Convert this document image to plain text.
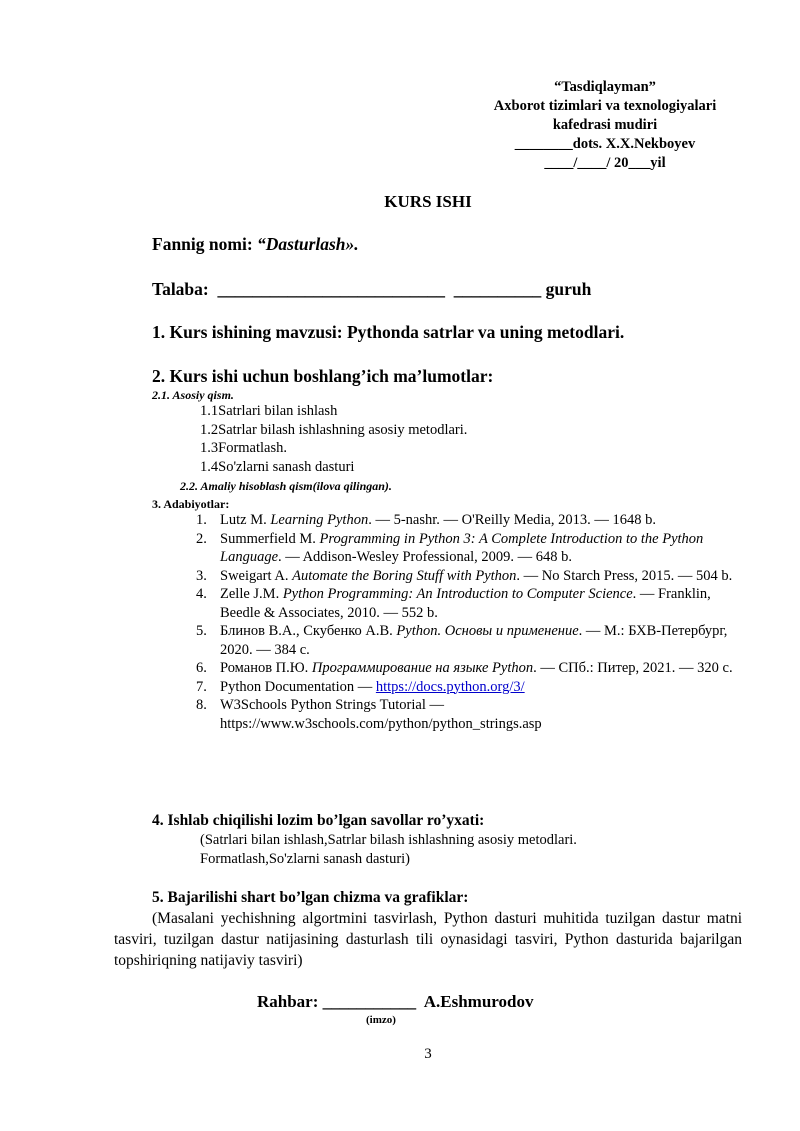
“Tasdiqlayman”
Axborot tizimlari va texnologiyalari
kafedrasi mudiri
________dots. X.X.Nekboyev
____/____/ 20___yil
KURS ISHI
Fannig nomi: “Dasturlash».
Talaba: __________________________ __________ guruh
1. Kurs ishining mavzusi: Pythonda satrlar va uning metodlari.
2. Kurs ishi uchun boshlang’ich ma’lumotlar:
2.1. Asosiy qism.
1.1Satrlari bilan ishlash
1.2Satrlar bilash ishlashning asosiy metodlari.
1.3Formatlash.
1.4So'zlarni sanash dasturi
2.2. Amaliy hisoblash qism(ilova qilingan).
3. Adabiyotlar:
1. Lutz M. Learning Python. — 5-nashr. — O'Reilly Media, 2013. — 1648 b.
2. Summerfield M. Programming in Python 3: A Complete Introduction to the Python Language. — Addison-Wesley Professional, 2009. — 648 b.
3. Sweigart A. Automate the Boring Stuff with Python. — No Starch Press, 2015. — 504 b.
4. Zelle J.M. Python Programming: An Introduction to Computer Science. — Franklin, Beedle & Associates, 2010. — 552 b.
5. Блинов В.А., Скубенко А.В. Python. Основы и применение. — М.: БХВ-Петербург, 2020. — 384 с.
6. Романов П.Ю. Программирование на языке Python. — СПб.: Питер, 2021. — 320 с.
7. Python Documentation — https://docs.python.org/3/
8. W3Schools Python Strings Tutorial — https://www.w3schools.com/python/python_strings.asp
4. Ishlab chiqilishi lozim bo’lgan savollar ro’yxati:
(Satrlari bilan ishlash,Satrlar bilash ishlashning asosiy metodlari.
Formatlash,So'zlarni sanash dasturi)
5. Bajarilishi shart bo’lgan chizma va grafiklar:
(Masalani yechishning algortmini tasvirlash, Python dasturi muhitida tuzilgan dastur matni tasviri, tuzilgan dastur natijasining dasturlash tili oynasidagi tasviri, Python dasturida bajarilgan topshiriqning natijaviy tasviri)
Rahbar: ___________ A.Eshmurodov
(imzo)
3
